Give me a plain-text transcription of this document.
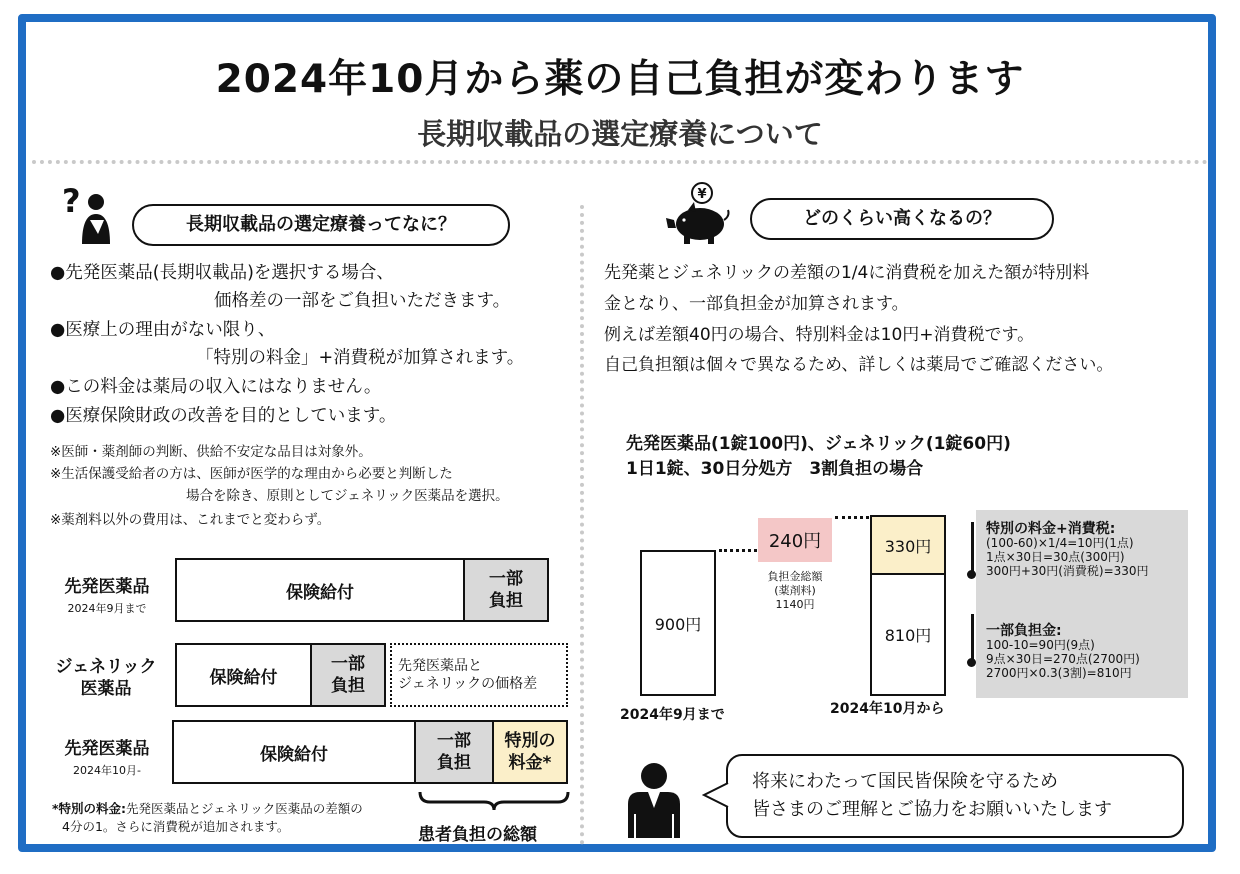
2024年10月から薬の自己負担が変わります
長期収載品の選定療養について
?
長期収載品の選定療養ってなに？
●先発医薬品(長期収載品)を選択する場合、
価格差の一部をご負担いただきます。
●医療上の理由がない限り、
「特別の料金」+消費税が加算されます。
●この料金は薬局の収入にはなりません。
●医療保険財政の改善を目的としています。
※医師・薬剤師の判断、供給不安定な品目は対象外。
※生活保護受給者の方は、医師が医学的な理由から必要と判断した
場合を除き、原則としてジェネリック医薬品を選択。
※薬剤料以外の費用は、これまでと変わらず。
先発医薬品
2024年9月まで
保険給付
一部
負担
ジェネリック
医薬品
保険給付
一部
負担
先発医薬品と
ジェネリックの価格差
先発医薬品
2024年10月-
保険給付
一部
負担
特別の
料金*
*特別の料金:先発医薬品とジェネリック医薬品の差額の
4分の1。さらに消費税が追加されます。	患者負担の総額
¥
どのくらい高くなるの？
先発薬とジェネリックの差額の1/4に消費税を加えた額が特別料
金となり、一部負担金が加算されます。
例えば差額40円の場合、特別料金は10円+消費税です。
自己負担額は個々で異なるため、詳しくは薬局でご確認ください。
先発医薬品(1錠100円)、ジェネリック(1錠60円)
1日1錠、30日分処方　3割負担の場合
900円
240円
負担金総額
(薬剤料)
1140円
330円
810円
2024年9月まで	2024年10月から
特別の料金+消費税:
(100-60)×1/4=10円(1点)
1点×30日=30点(300円)
300円+30円(消費税)=330円
一部負担金:
100-10=90円(9点)
9点×30日=270点(2700円)
2700円×0.3(3割)=810円
将来にわたって国民皆保険を守るため
皆さまのご理解とご協力をお願いいたします
